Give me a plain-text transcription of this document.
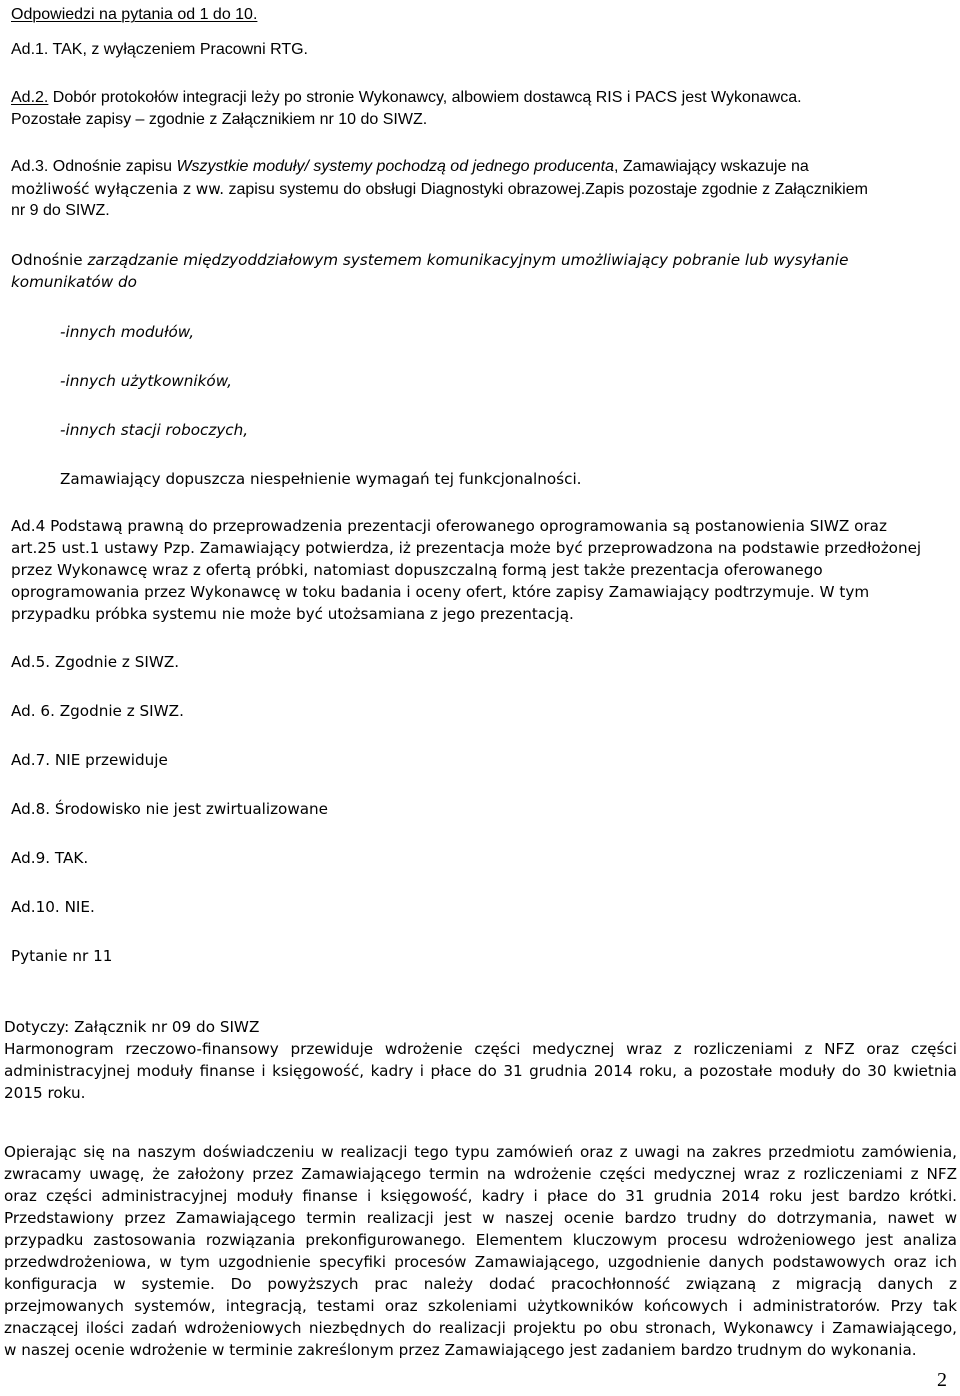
Odpowiedzi na pytania od 1 do 10.
Ad.1. TAK, z wyłączeniem Pracowni RTG.
Ad.2. Dobór protokołów integracji leży po stronie Wykonawcy, albowiem dostawcą RIS i PACS jest Wykonawca.
Pozostałe zapisy – zgodnie z Załącznikiem nr 10 do SIWZ.
Ad.3. Odnośnie zapisu Wszystkie moduły/ systemy pochodzą od jednego producenta, Zamawiający wskazuje na
możliwość wyłączenia z ww. zapisu systemu do obsługi Diagnostyki obrazowej.Zapis pozostaje zgodnie z Załącznikiem
nr 9 do SIWZ.
Odnośnie zarządzanie międzyoddziałowym systemem komunikacyjnym umożliwiający pobranie lub wysyłanie
komunikatów do
-innych modułów,
-innych użytkowników,
-innych stacji roboczych,
Zamawiający dopuszcza niespełnienie wymagań tej funkcjonalności.
Ad.4 Podstawą prawną do przeprowadzenia prezentacji oferowanego oprogramowania są postanowienia SIWZ oraz
art.25 ust.1 ustawy Pzp. Zamawiający potwierdza, iż prezentacja może być przeprowadzona na podstawie przedłożonej
przez Wykonawcę wraz z ofertą próbki, natomiast dopuszczalną formą jest także prezentacja oferowanego
oprogramowania przez Wykonawcę w toku badania i oceny ofert, które zapisy Zamawiający podtrzymuje. W tym
przypadku próbka systemu nie może być utożsamiana z jego prezentacją.
Ad.5. Zgodnie z SIWZ.
Ad. 6. Zgodnie z SIWZ.
Ad.7. NIE przewiduje
Ad.8. Środowisko nie jest zwirtualizowane
Ad.9. TAK.
Ad.10. NIE.
Pytanie nr 11
Dotyczy: Załącznik nr 09 do SIWZ
Harmonogram rzeczowo-finansowy przewiduje wdrożenie części medycznej wraz z rozliczeniami z NFZ oraz części
administracyjnej moduły finanse i księgowość, kadry i płace do 31 grudnia 2014 roku, a pozostałe moduły do 30 kwietnia
2015 roku.
Opierając się na naszym doświadczeniu w realizacji tego typu zamówień oraz z uwagi na zakres przedmiotu zamówienia,
zwracamy uwagę, że założony przez Zamawiającego termin na wdrożenie części medycznej wraz z rozliczeniami z NFZ
oraz części administracyjnej moduły finanse i księgowość, kadry i płace do 31 grudnia 2014 roku jest bardzo krótki.
Przedstawiony przez Zamawiającego termin realizacji jest w naszej ocenie bardzo trudny do dotrzymania, nawet w
przypadku zastosowania rozwiązania prekonfigurowanego. Elementem kluczowym procesu wdrożeniowego jest analiza
przedwdrożeniowa, w tym uzgodnienie specyfiki procesów Zamawiającego, uzgodnienie danych podstawowych oraz ich
konfiguracja w systemie. Do powyższych prac należy dodać pracochłonność związaną z migracją danych z
przejmowanych systemów, integracją, testami oraz szkoleniami użytkowników końcowych i administratorów. Przy tak
znaczącej ilości zadań wdrożeniowych niezbędnych do realizacji projektu po obu stronach, Wykonawcy i Zamawiającego,
w naszej ocenie wdrożenie w terminie zakreślonym przez Zamawiającego jest zadaniem bardzo trudnym do wykonania.
2
